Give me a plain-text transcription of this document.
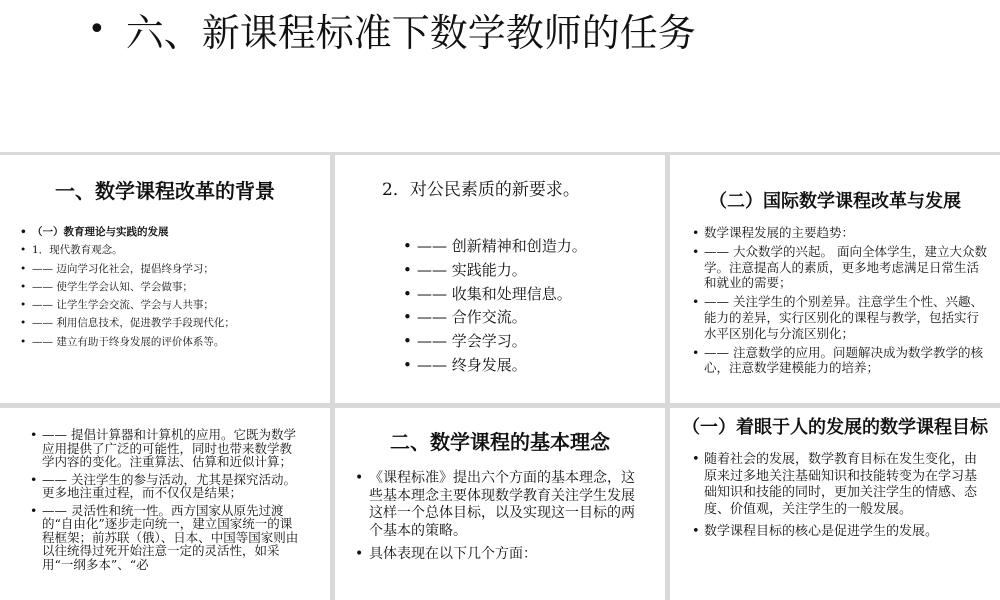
• 六、新课程标准下数学教师的任务
一、数学课程改革的背景
• （一）教育理论与实践的发展
• 1．现代教育观念。
• —— 迈向学习化社会，提倡终身学习；
• —— 使学生学会认知、学会做事；
• —— 让学生学会交流、学会与人共事；
• —— 利用信息技术，促进教学手段现代化；
• —— 建立有助于终身发展的评价体系等。
2．对公民素质的新要求。
• —— 创新精神和创造力。
• —— 实践能力。
• —— 收集和处理信息。
• —— 合作交流。
• —— 学会学习。
• —— 终身发展。
（二）国际数学课程改革与发展
• 数学课程发展的主要趋势：
• —— 大众数学的兴起。 面向全体学生，建立大众数学。注意提高人的素质，更多地考虑满足日常生活和就业的需要；
• —— 关注学生的个别差异。注意学生个性、兴趣、能力的差异，实行区别化的课程与教学，包括实行水平区别化与分流区别化；
• —— 注意数学的应用。问题解决成为数学教学的核心，注意数学建模能力的培养；
• —— 提倡计算器和计算机的应用。它既为数学应用提供了广泛的可能性，同时也带来数学教学内容的变化。注重算法、估算和近似计算；
• —— 关注学生的参与活动，尤其是探究活动。 更多地注重过程，而不仅仅是结果；
• —— 灵活性和统一性。西方国家从原先过渡的“自由化”逐步走向统一，建立国家统一的课程框架；前苏联（俄）、日本、中国等国家则由以往统得过死开始注意一定的灵活性，如采用“一纲多本”、“必
二、数学课程的基本理念
• 《课程标准》提出六个方面的基本理念，这些基本理念主要体现数学教育关注学生发展这样一个总体目标，以及实现这一目标的两个基本的策略。
• 具体表现在以下几个方面：
（一）着眼于人的发展的数学课程目标
• 随着社会的发展，数学教育目标在发生变化，由原来过多地关注基础知识和技能转变为在学习基础知识和技能的同时，更加关注学生的情感、态度、价值观，关注学生的一般发展。
• 数学课程目标的核心是促进学生的发展。
